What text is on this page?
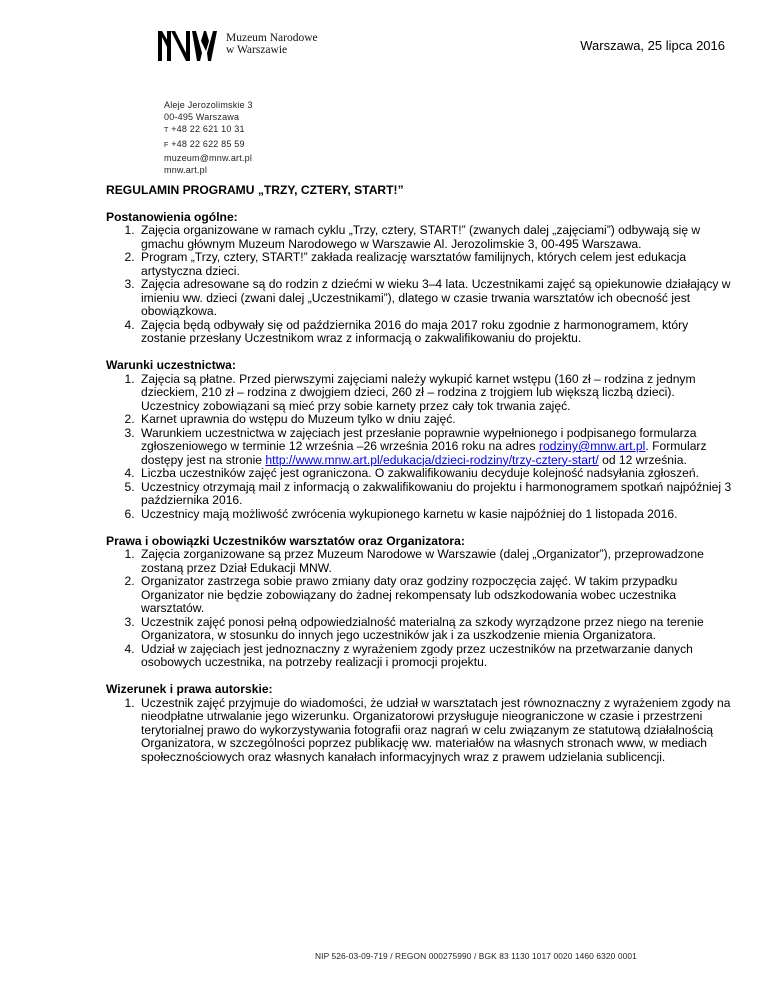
Muzeum Narodowe
w Warszawie	Warszawa, 25 lipca 2016
Aleje Jerozolimskie 3
00-495 Warszawa
T +48 22 621 10 31
F +48 22 622 85 59
muzeum@mnw.art.pl
mnw.art.pl
REGULAMIN PROGRAMU „TRZY, CZTERY, START!”
Postanowienia ogólne:
1. Zajęcia organizowane w ramach cyklu „Trzy, cztery, START!” (zwanych dalej „zajęciami”) odbywają się w gmachu głównym Muzeum Narodowego w Warszawie Al. Jerozolimskie 3, 00-495 Warszawa.
2. Program „Trzy, cztery, START!” zakłada realizację warsztatów familijnych, których celem jest edukacja artystyczna dzieci.
3. Zajęcia adresowane są do rodzin z dziećmi w wieku 3–4 lata. Uczestnikami zajęć są opiekunowie działający w imieniu ww. dzieci (zwani dalej „Uczestnikami”), dlatego w czasie trwania warsztatów ich obecność jest obowiązkowa.
4. Zajęcia będą odbywały się od października 2016 do maja 2017 roku zgodnie z harmonogramem, który zostanie przesłany Uczestnikom wraz z informacją o zakwalifikowaniu do projektu.
Warunki uczestnictwa:
1. Zajęcia są płatne. Przed pierwszymi zajęciami należy wykupić karnet wstępu (160 zł – rodzina z jednym dzieckiem, 210 zł – rodzina z dwojgiem dzieci, 260 zł – rodzina z trojgiem lub większą liczbą dzieci). Uczestnicy zobowiązani są mieć przy sobie karnety przez cały tok trwania zajęć.
2. Karnet uprawnia do wstępu do Muzeum tylko w dniu zajęć.
3. Warunkiem uczestnictwa w zajęciach jest przesłanie poprawnie wypełnionego i podpisanego formularza zgłoszeniowego w terminie 12 września –26 września 2016 roku na adres rodziny@mnw.art.pl. Formularz dostępy jest na stronie http://www.mnw.art.pl/edukacja/dzieci-rodziny/trzy-cztery-start/ od 12 września.
4. Liczba uczestników zajęć jest ograniczona. O zakwalifikowaniu decyduje kolejność nadsyłania zgłoszeń.
5. Uczestnicy otrzymają mail z informacją o zakwalifikowaniu do projektu i harmonogramem spotkań najpóźniej 3 października 2016.
6. Uczestnicy mają możliwość zwrócenia wykupionego karnetu w kasie najpóźniej do 1 listopada 2016.
Prawa i obowiązki Uczestników warsztatów oraz Organizatora:
1. Zajęcia zorganizowane są przez Muzeum Narodowe w Warszawie (dalej „Organizator”), przeprowadzone zostaną przez Dział Edukacji MNW.
2. Organizator zastrzega sobie prawo zmiany daty oraz godziny rozpoczęcia zajęć. W takim przypadku Organizator nie będzie zobowiązany do żadnej rekompensaty lub odszkodowania wobec uczestnika warsztatów.
3. Uczestnik zajęć ponosi pełną odpowiedzialność materialną za szkody wyrządzone przez niego na terenie Organizatora, w stosunku do innych jego uczestników jak i za uszkodzenie mienia Organizatora.
4. Udział w zajęciach jest jednoznaczny z wyrażeniem zgody przez uczestników na przetwarzanie danych osobowych uczestnika, na potrzeby realizacji i promocji projektu.
Wizerunek i prawa autorskie:
1. Uczestnik zajęć przyjmuje do wiadomości, że udział w warsztatach jest równoznaczny z wyrażeniem zgody na nieodpłatne utrwalanie jego wizerunku. Organizatorowi przysługuje nieograniczone w czasie i przestrzeni terytorialnej prawo do wykorzystywania fotografii oraz nagrań w celu związanym ze statutową działalnością Organizatora, w szczególności poprzez publikację ww. materiałów na własnych stronach www, w mediach społecznościowych oraz własnych kanałach informacyjnych wraz z prawem udzielania sublicencji.
NIP 526-03-09-719 / REGON 000275990 / BGK 83 1130 1017 0020 1460 6320 0001
